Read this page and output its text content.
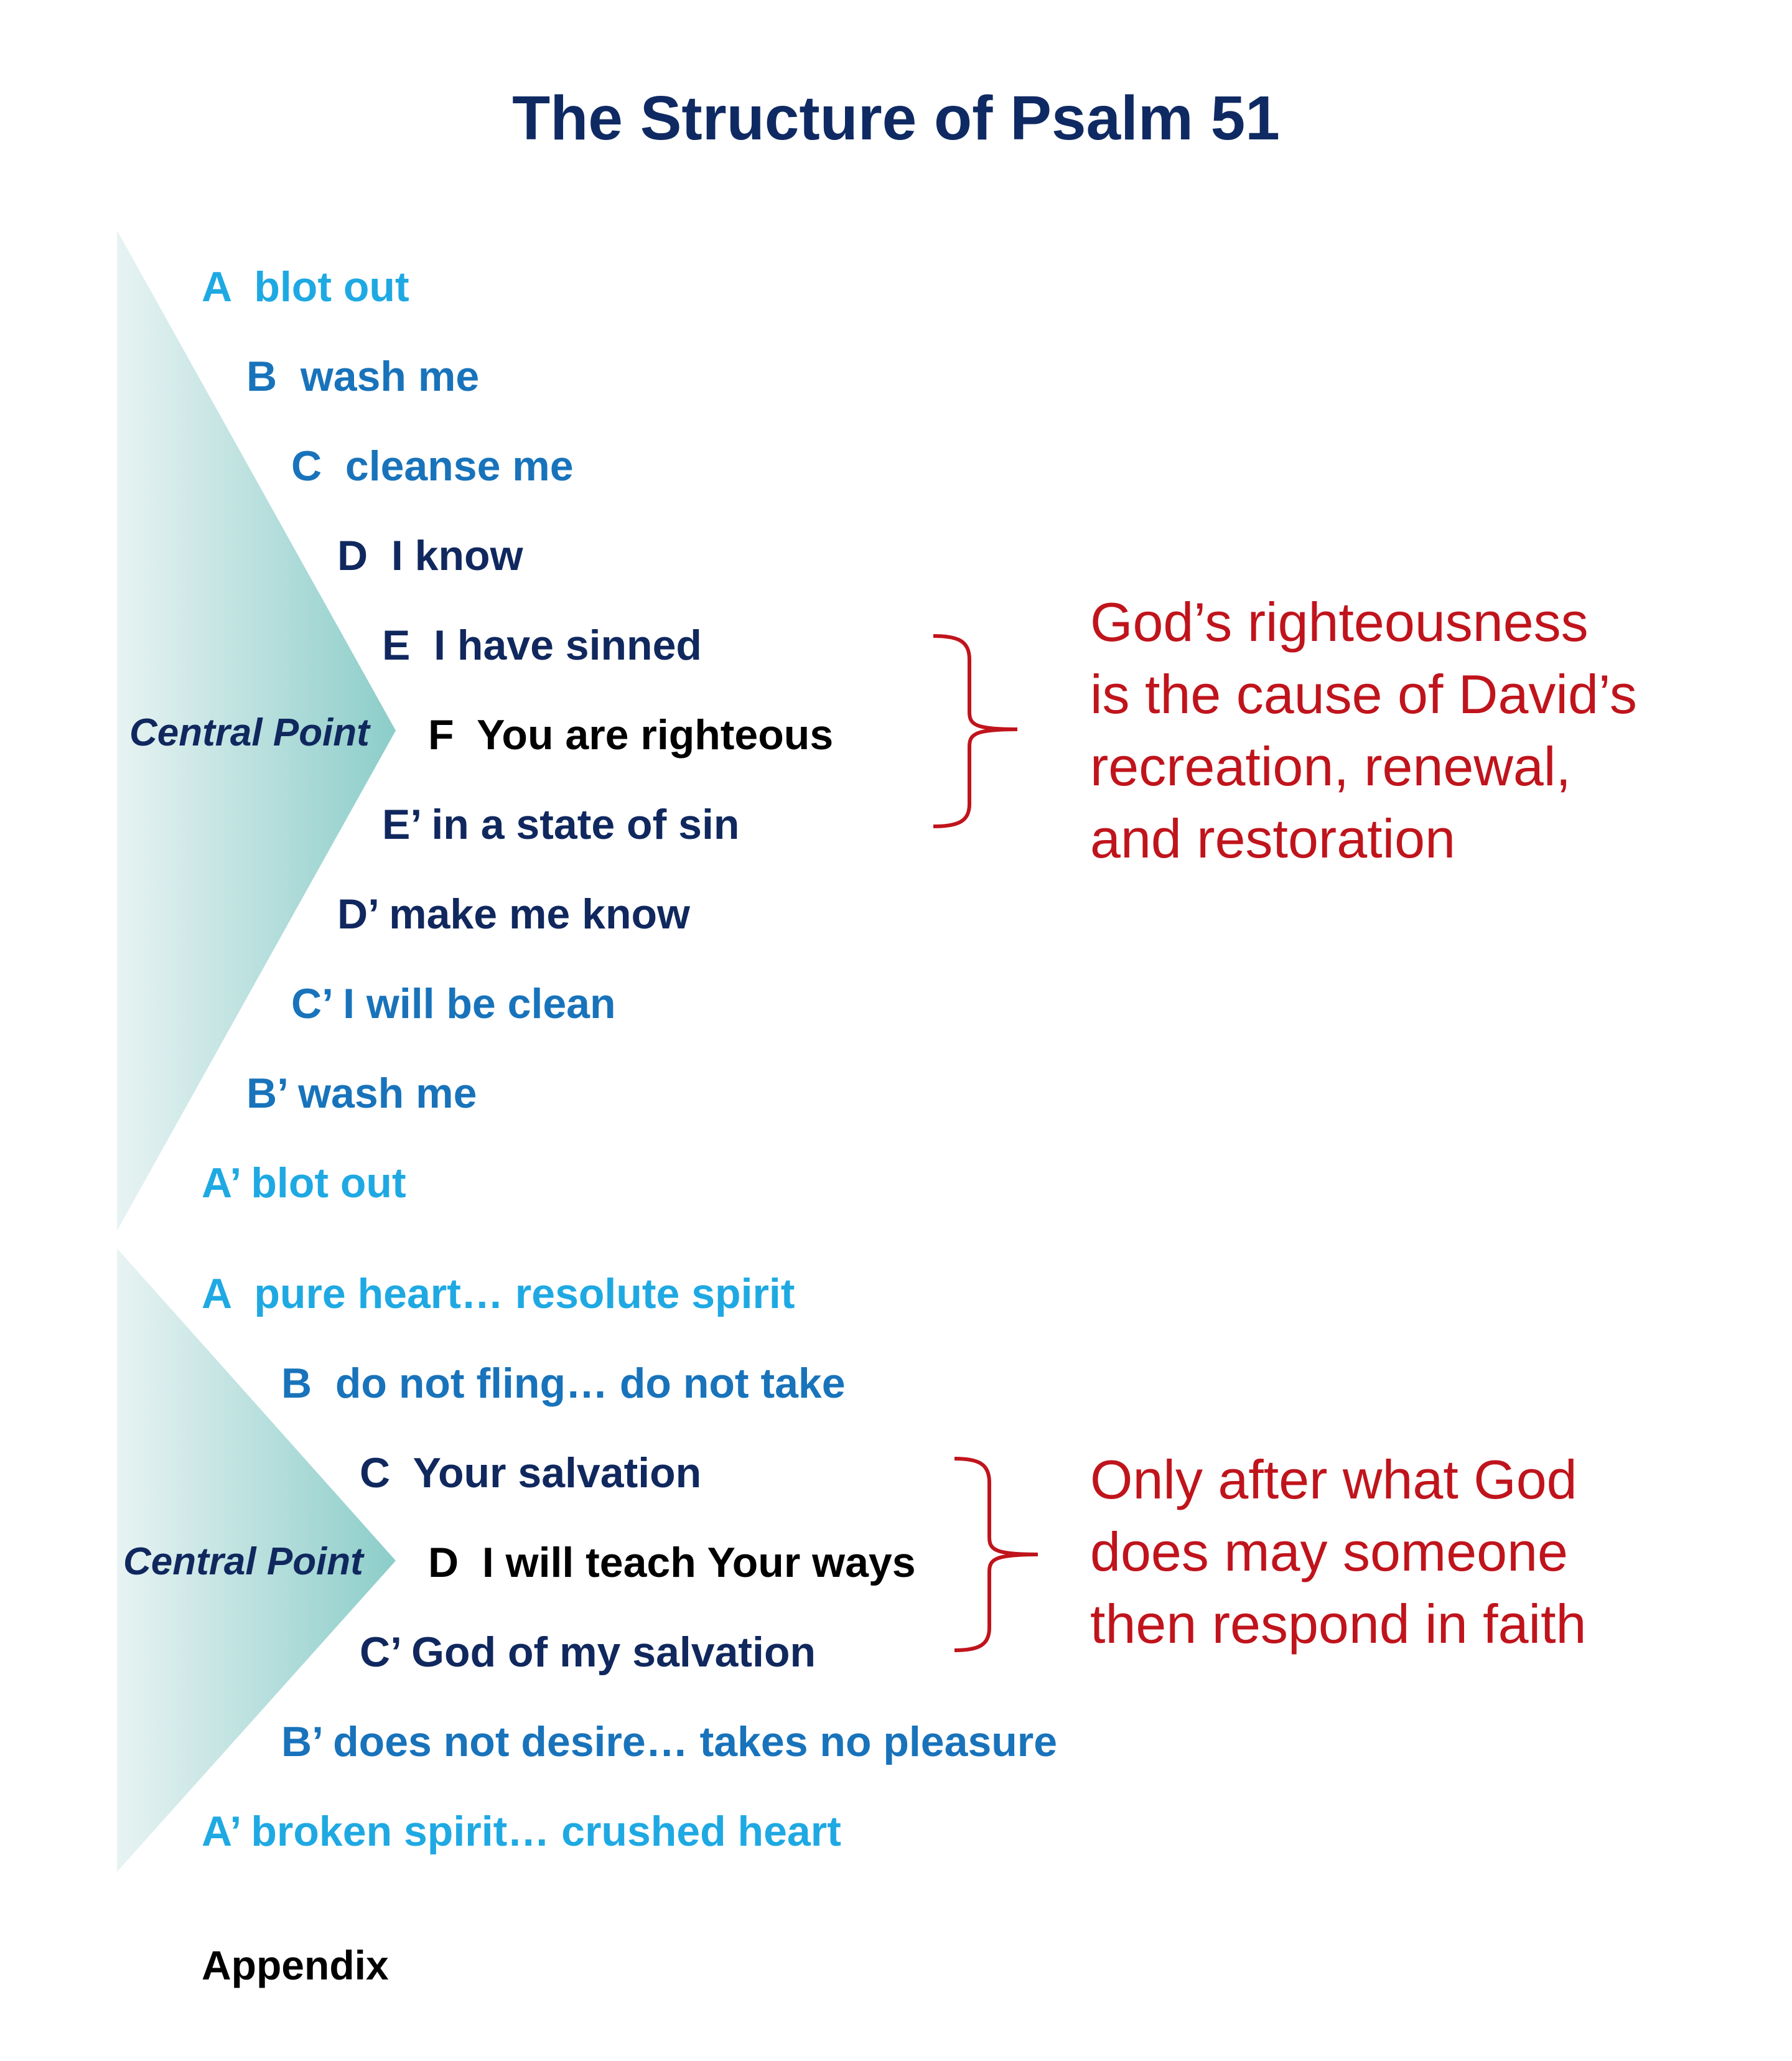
The Structure of Psalm 51
A  blot out
B  wash me
C  cleanse me
D  I know
E  I have sinned
Central Point F  You are righteous
E’ in a state of sin
D’ make me know
C’ I will be clean
B’ wash me
A’ blot out
God’s righteousness
is the cause of David’s
recreation, renewal,
and restoration
A  pure heart… resolute spirit
B  do not fling… do not take
C  Your salvation
Central Point D  I will teach Your ways
C’ God of my salvation
B’ does not desire… takes no pleasure
A’ broken spirit… crushed heart
Only after what God
does may someone
then respond in faith
Appendix
